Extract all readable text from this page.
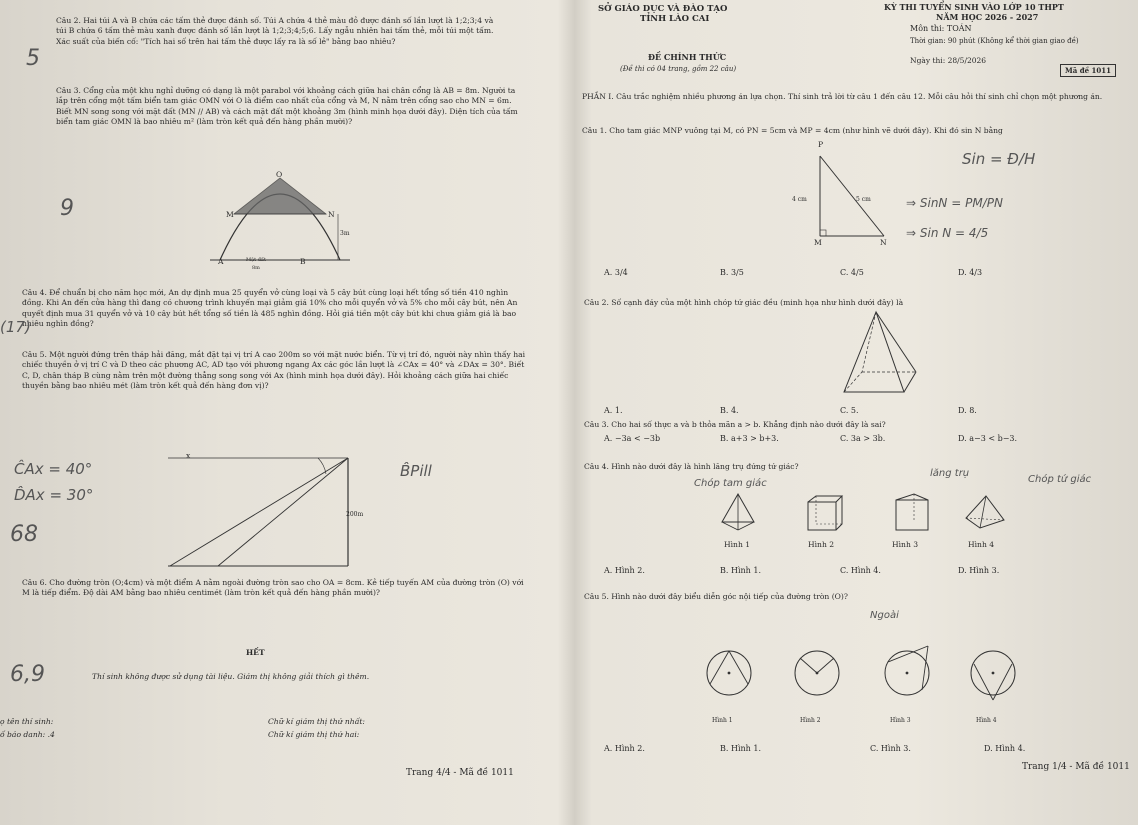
Câu 2. Hai túi A và B chứa các tấm thẻ được đánh số. Túi A chứa 4 thẻ màu đỏ được đánh số lần lượt là 1;2;3;4 và túi B chứa 6 tấm thẻ màu xanh được đánh số lần lượt là 1;2;3;4;5;6. Lấy ngẫu nhiên hai tấm thẻ, mỗi túi một tấm. Xác suất của biến cố: "Tích hai số trên hai tấm thẻ được lấy ra là số lẻ" bằng bao nhiêu?
Câu 3. Cổng của một khu nghỉ dưỡng có dạng là một parabol với khoảng cách giữa hai chân cổng là AB = 8m. Người ta lắp trên cổng một tấm biển tam giác OMN với O là điểm cao nhất của cổng và M, N nằm trên cổng sao cho MN = 6m. Biết MN song song với mặt đất (MN // AB) và cách mặt đất một khoảng 3m (hình minh họa dưới đây). Diện tích của tấm biển tam giác OMN là bao nhiêu m² (làm tròn kết quả đến hàng phần mười)?
O
M	N
3m
A	B
Mặt đất
8m
Câu 4. Để chuẩn bị cho năm học mới, An dự định mua 25 quyển vở cùng loại và 5 cây bút cùng loại hết tổng số tiền 410 nghìn đồng. Khi An đến cửa hàng thì đang có chương trình khuyến mại giảm giá 10% cho mỗi quyển vở và 5% cho mỗi cây bút, nên An quyết định mua 31 quyển vở và 10 cây bút hết tổng số tiền là 485 nghìn đồng. Hỏi giá tiền một cây bút khi chưa giảm giá là bao nhiêu nghìn đồng?
Câu 5. Một người đứng trên tháp hải đăng, mắt đặt tại vị trí A cao 200m so với mặt nước biển. Từ vị trí đó, người này nhìn thấy hai chiếc thuyền ở vị trí C và D theo các phương AC, AD tạo với phương ngang Ax các góc lần lượt là ∠CAx = 40° và ∠DAx = 30°. Biết C, D, chân tháp B cùng nằm trên một đường thẳng song song với Ax (hình minh họa dưới đây). Hỏi khoảng cách giữa hai chiếc thuyền bằng bao nhiêu mét (làm tròn kết quả đến hàng đơn vị)?
x
200m
Câu 6. Cho đường tròn (O;4cm) và một điểm A nằm ngoài đường tròn sao cho OA = 8cm. Kẻ tiếp tuyến AM của đường tròn (O) với M là tiếp điểm. Độ dài AM bằng bao nhiêu centimét (làm tròn kết quả đến hàng phần mười)?
HẾT
Thí sinh không được sử dụng tài liệu. Giám thị không giải thích gì thêm.
ọ tên thí sinh:
ố báo danh: .4
Chữ kí giám thị thứ nhất:
Chữ kí giám thị thứ hai:
Trang 4/4 - Mã đề 1011
5
9
(17)
ĈAx = 40°
D̂Ax = 30°
68
6,9
B̂Pill
SỞ GIÁO DỤC VÀ ĐÀO TẠO
TỈNH LÀO CAI
ĐỀ CHÍNH THỨC
(Đề thi có 04 trang, gồm 22 câu)
KỲ THI TUYỂN SINH VÀO LỚP 10 THPT
NĂM HỌC 2026 - 2027
Môn thi: TOÁN
Thời gian: 90 phút (Không kể thời gian giao đề)
Ngày thi: 28/5/2026
Mã đề 1011
PHẦN I. Câu trắc nghiệm nhiều phương án lựa chọn. Thí sinh trả lời từ câu 1 đến câu 12. Mỗi câu hỏi thí sinh chỉ chọn một phương án.
Câu 1. Cho tam giác MNP vuông tại M, có PN = 5cm và MP = 4cm (như hình vẽ dưới đây). Khi đó sin N bằng
P
M	N
4 cm	5 cm
A. 3/4	B. 3/5	C. 4/5	D. 4/3
Câu 2. Số cạnh đáy của một hình chóp tứ giác đều (minh họa như hình dưới đây) là
A. 1.	B. 4.	C. 5.	D. 8.
Câu 3. Cho hai số thực a và b thỏa mãn a > b. Khẳng định nào dưới đây là sai?
A. −3a < −3b	B. a+3 > b+3.	C. 3a > 3b.	D. a−3 < b−3.
Câu 4. Hình nào dưới đây là hình lăng trụ đứng tứ giác?
Hình 1	Hình 2	Hình 3	Hình 4
A. Hình 2.	B. Hình 1.	C. Hình 4.	D. Hình 3.
Câu 5. Hình nào dưới đây biểu diễn góc nội tiếp của đường tròn (O)?
Hình 1	Hình 2	Hình 3	Hình 4
A. Hình 2.	B. Hình 1.	C. Hình 3.	D. Hình 4.
Trang 1/4 - Mã đề 1011
Sin = Đ/H
⇒ SinN = PM/PN
⇒ Sin N = 4/5
Chóp tam giác
lăng trụ
Chóp tứ giác
Ngoài
